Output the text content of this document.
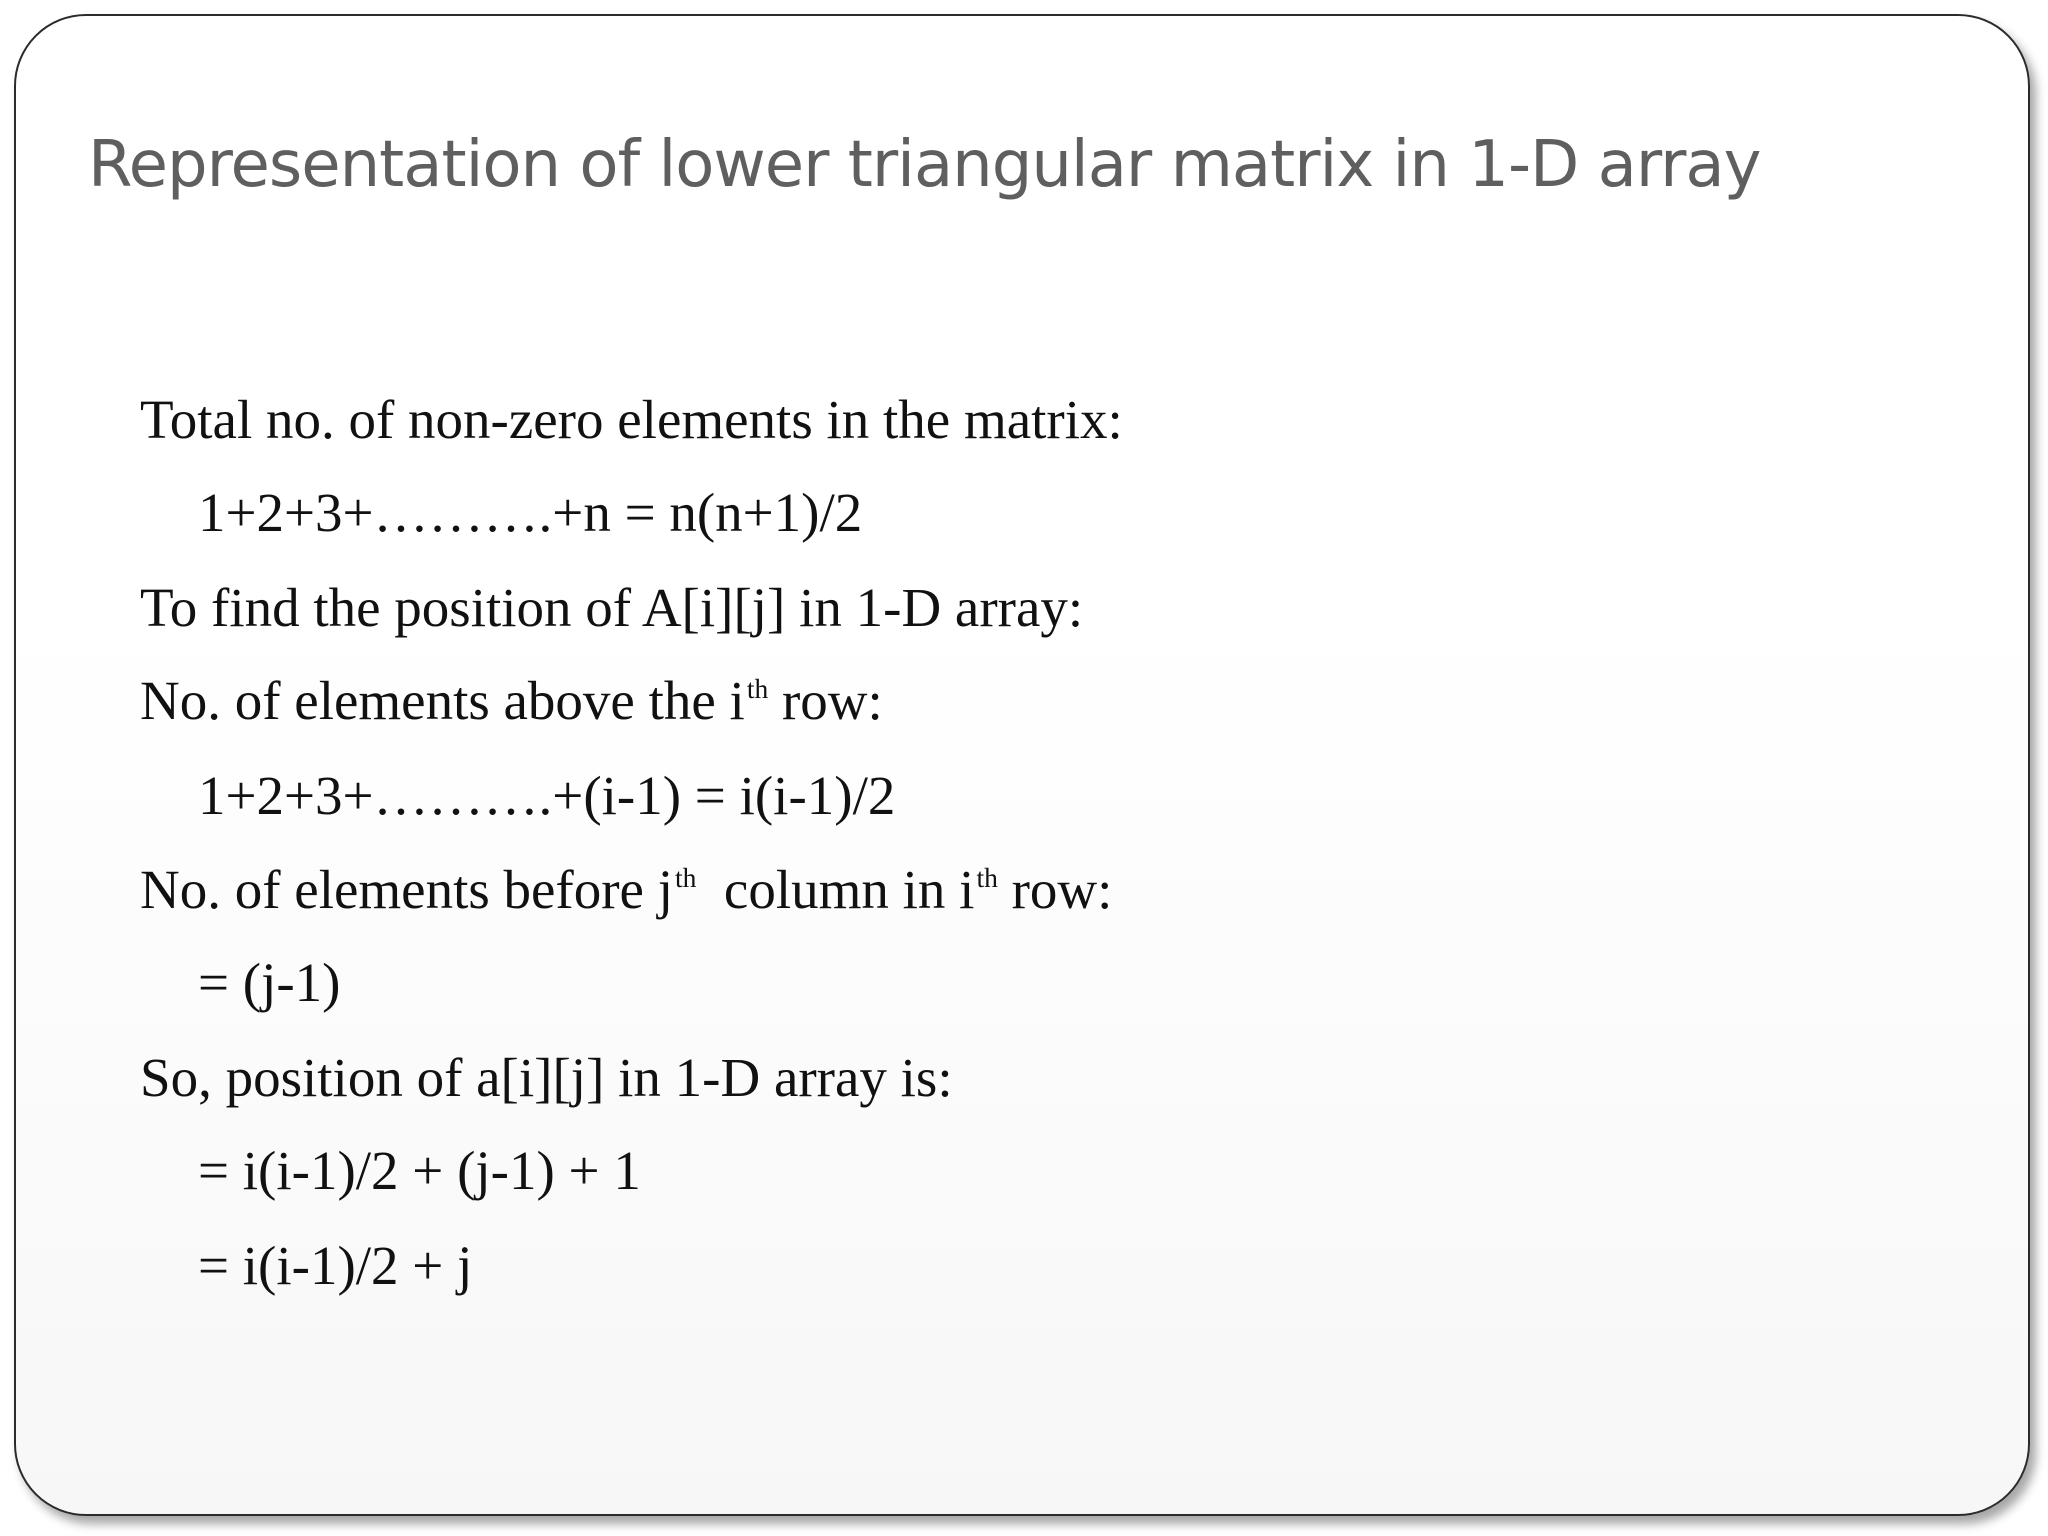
Representation of lower triangular matrix in 1-D array
Total no. of non-zero elements in the matrix:
1+2+3+……….+n = n(n+1)/2
To find the position of A[i][j] in 1-D array:
No. of elements above the $i^{th}$ row:
1+2+3+……….+(i-1) = i(i-1)/2
No. of elements before $j^{th}$  column in $i^{th}$ row:
= (j-1)
So, position of a[i][j] in 1-D array is:
= i(i-1)/2 + (j-1) + 1
= i(i-1)/2 + j
